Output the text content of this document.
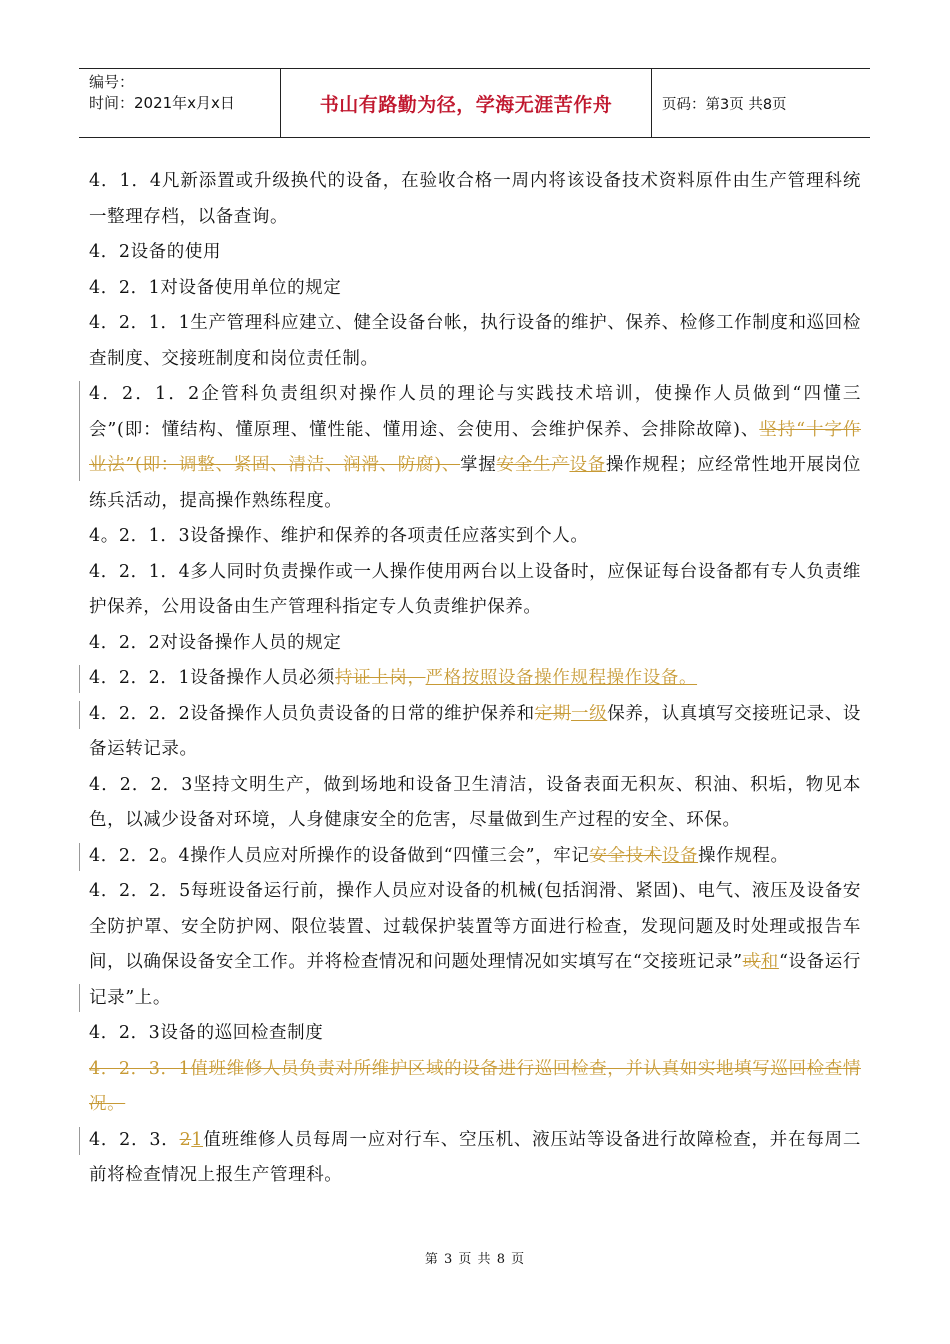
编号：
时间：2021年x月x日	书山有路勤为径，学海无涯苦作舟	页码：第3页 共8页

4．1．4凡新添置或升级换代的设备，在验收合格一周内将该设备技术资料原件由生产管理科统一整理存档，以备查询。

4．2设备的使用

4．2．1对设备使用单位的规定

4．2．1．1生产管理科应建立、健全设备台帐，执行设备的维护、保养、检修工作制度和巡回检查制度、交接班制度和岗位责任制。

4．2．1．2企管科负责组织对操作人员的理论与实践技术培训，使操作人员做到“四懂三会”(即：懂结构、懂原理、懂性能、懂用途、会使用、会维护保养、会排除故障)、坚持“十字作业法”(即：调整、紧固、清洁、润滑、防腐)、掌握安全生产设备操作规程；应经常性地开展岗位练兵活动，提高操作熟练程度。

4。2．1．3设备操作、维护和保养的各项责任应落实到个人。

4．2．1．4多人同时负责操作或一人操作使用两台以上设备时，应保证每台设备都有专人负责维护保养，公用设备由生产管理科指定专人负责维护保养。

4．2．2对设备操作人员的规定

4．2．2．1设备操作人员必须持证上岗，严格按照设备操作规程操作设备。

4．2．2．2设备操作人员负责设备的日常的维护保养和定期一级保养，认真填写交接班记录、设备运转记录。

4．2．2．3坚持文明生产，做到场地和设备卫生清洁，设备表面无积灰、积油、积垢，物见本色，以减少设备对环境，人身健康安全的危害，尽量做到生产过程的安全、环保。

4．2．2。4操作人员应对所操作的设备做到“四懂三会”，牢记安全技术设备操作规程。

4．2．2．5每班设备运行前，操作人员应对设备的机械(包括润滑、紧固)、电气、液压及设备安全防护罩、安全防护网、限位装置、过载保护装置等方面进行检查，发现问题及时处理或报告车间，以确保设备安全工作。并将检查情况和问题处理情况如实填写在“交接班记录”或和“设备运行记录”上。

4．2．3设备的巡回检查制度

4．2．3．1值班维修人员负责对所维护区域的设备进行巡回检查，并认真如实地填写巡回检查情况。

4．2．3．21值班维修人员每周一应对行车、空压机、液压站等设备进行故障检查，并在每周二前将检查情况上报生产管理科。

第 3 页 共 8 页
